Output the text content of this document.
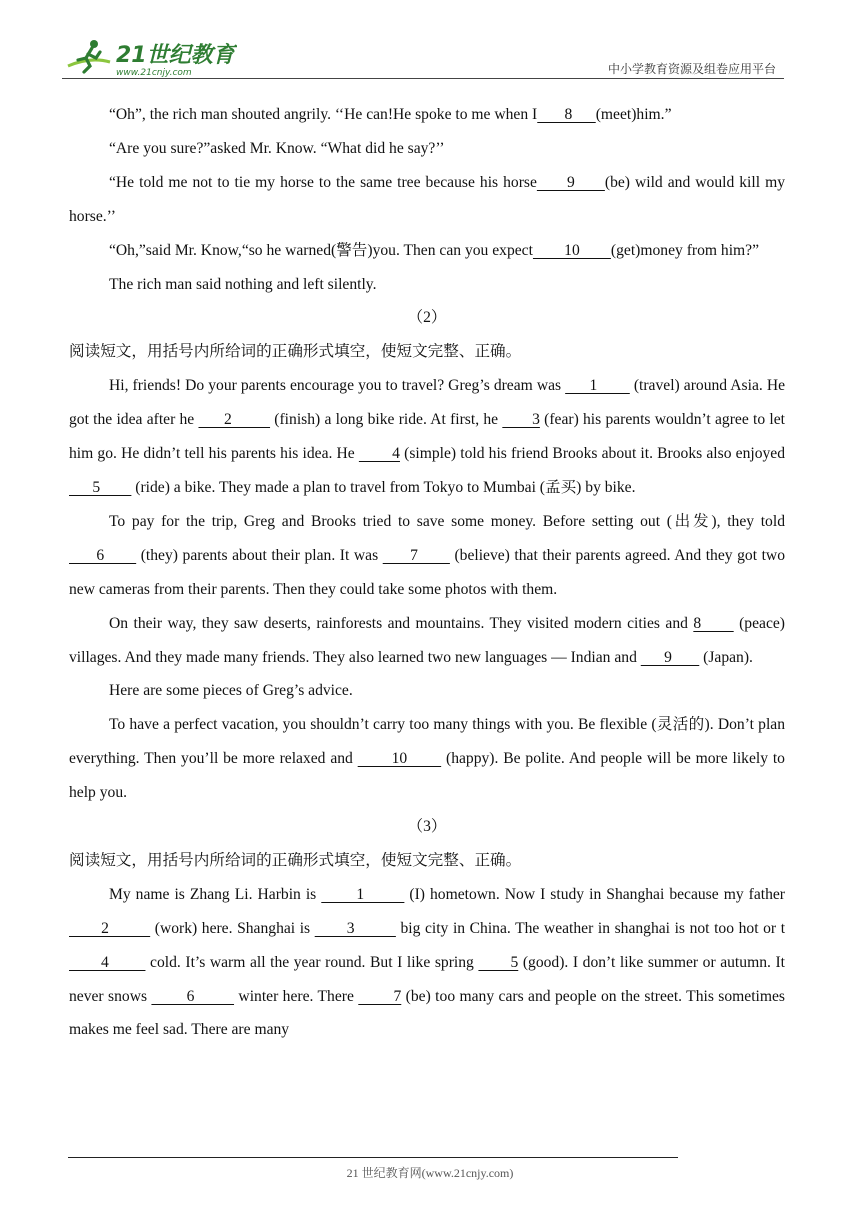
21世纪教育
www.21cnjy.com	中小学教育资源及组卷应用平台

“Oh”, the rich man shouted angrily. ‘‘He can!He spoke to me when I       8      (meet)him.”

“Are you sure?”asked Mr. Know. “What did he say?’’

“He told me not to tie my horse to the same tree because his horse      9      (be) wild and would kill my horse.’’

“Oh,”said Mr. Know,“so he warned(警告)you. Then can you expect        10        (get)money from him?”

The rich man said nothing and left silently.

（2）

阅读短文，用括号内所给词的正确形式填空，使短文完整、正确。

Hi, friends! Do your parents encourage you to travel? Greg’s dream was       1         (travel) around Asia. He got the idea after he       2          (finish) a long bike ride. At first, he        3 (fear) his parents wouldn’t agree to let him go. He didn’t tell his parents his idea. He         4 (simple) told his friend Brooks about it. Brooks also enjoyed       5         (ride) a bike. They made a plan to travel from Tokyo to Mumbai (孟买) by bike.

To pay for the trip, Greg and Brooks tried to save some money. Before setting out (出发), they told       6        (they) parents about their plan. It was       7        (believe) that their parents agreed. And they got two new cameras from their parents. Then they could take some photos with them.

On their way, they saw deserts, rainforests and mountains. They visited modern cities and 8       (peace) villages. And they made many friends. They also learned two new languages — Indian and       9        (Japan).

Here are some pieces of Greg’s advice.

To have a perfect vacation, you shouldn’t carry too many things with you. Be flexible (灵活的). Don’t plan everything. Then you’ll be more relaxed and        10        (happy). Be polite. And people will be more likely to help you.

（3）

阅读短文，用括号内所给词的正确形式填空，使短文完整、正确。

My name is Zhang Li. Harbin is        1         (I) hometown. Now I study in Shanghai because my father        2          (work) here. Shanghai is        3          big city in China. The weather in shanghai is not too hot or t       4         cold. It’s warm all the year round. But I like spring        5 (good). I don’t like summer or autumn. It never snows         6          winter here. There         7 (be) too many cars and people on the street. This sometimes makes me feel sad. There are many

21 世纪教育网(www.21cnjy.com)
